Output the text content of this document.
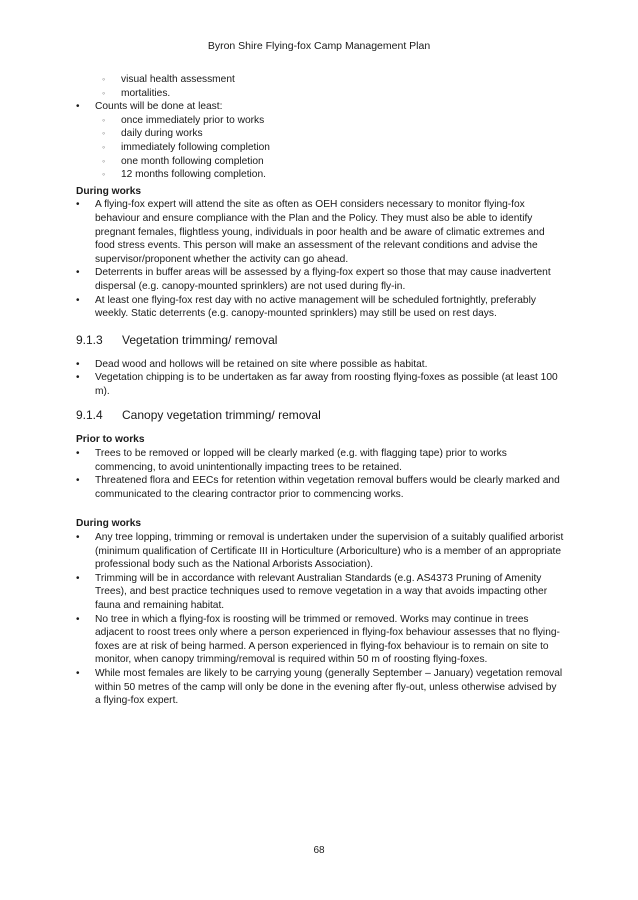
Byron Shire Flying-fox Camp Management Plan
◦ visual health assessment
◦ mortalities.
• Counts will be done at least:
◦ once immediately prior to works
◦ daily during works
◦ immediately following completion
◦ one month following completion
◦ 12 months following completion.

During works

• A flying-fox expert will attend the site as often as OEH considers necessary to monitor flying-fox behaviour and ensure compliance with the Plan and the Policy. They must also be able to identify pregnant females, flightless young, individuals in poor health and be aware of climatic extremes and food stress events. This person will make an assessment of the relevant conditions and advise the supervisor/proponent whether the activity can go ahead.
• Deterrents in buffer areas will be assessed by a flying-fox expert so those that may cause inadvertent dispersal (e.g. canopy-mounted sprinklers) are not used during fly-in.
• At least one flying-fox rest day with no active management will be scheduled fortnightly, preferably weekly. Static deterrents (e.g. canopy-mounted sprinklers) may still be used on rest days.

9.1.3 Vegetation trimming/ removal

• Dead wood and hollows will be retained on site where possible as habitat.
• Vegetation chipping is to be undertaken as far away from roosting flying-foxes as possible (at least 100 m).

9.1.4 Canopy vegetation trimming/ removal

Prior to works

• Trees to be removed or lopped will be clearly marked (e.g. with flagging tape) prior to works commencing, to avoid unintentionally impacting trees to be retained.
• Threatened flora and EECs for retention within vegetation removal buffers would be clearly marked and communicated to the clearing contractor prior to commencing works.

During works

• Any tree lopping, trimming or removal is undertaken under the supervision of a suitably qualified arborist (minimum qualification of Certificate III in Horticulture (Arboriculture) who is a member of an appropriate professional body such as the National Arborists Association).
• Trimming will be in accordance with relevant Australian Standards (e.g. AS4373 Pruning of Amenity Trees), and best practice techniques used to remove vegetation in a way that avoids impacting other fauna and remaining habitat.
• No tree in which a flying-fox is roosting will be trimmed or removed. Works may continue in trees adjacent to roost trees only where a person experienced in flying-fox behaviour assesses that no flying-foxes are at risk of being harmed. A person experienced in flying-fox behaviour is to remain on site to monitor, when canopy trimming/removal is required within 50 m of roosting flying-foxes.
• While most females are likely to be carrying young (generally September – January) vegetation removal within 50 metres of the camp will only be done in the evening after fly-out, unless otherwise advised by a flying-fox expert.
68
